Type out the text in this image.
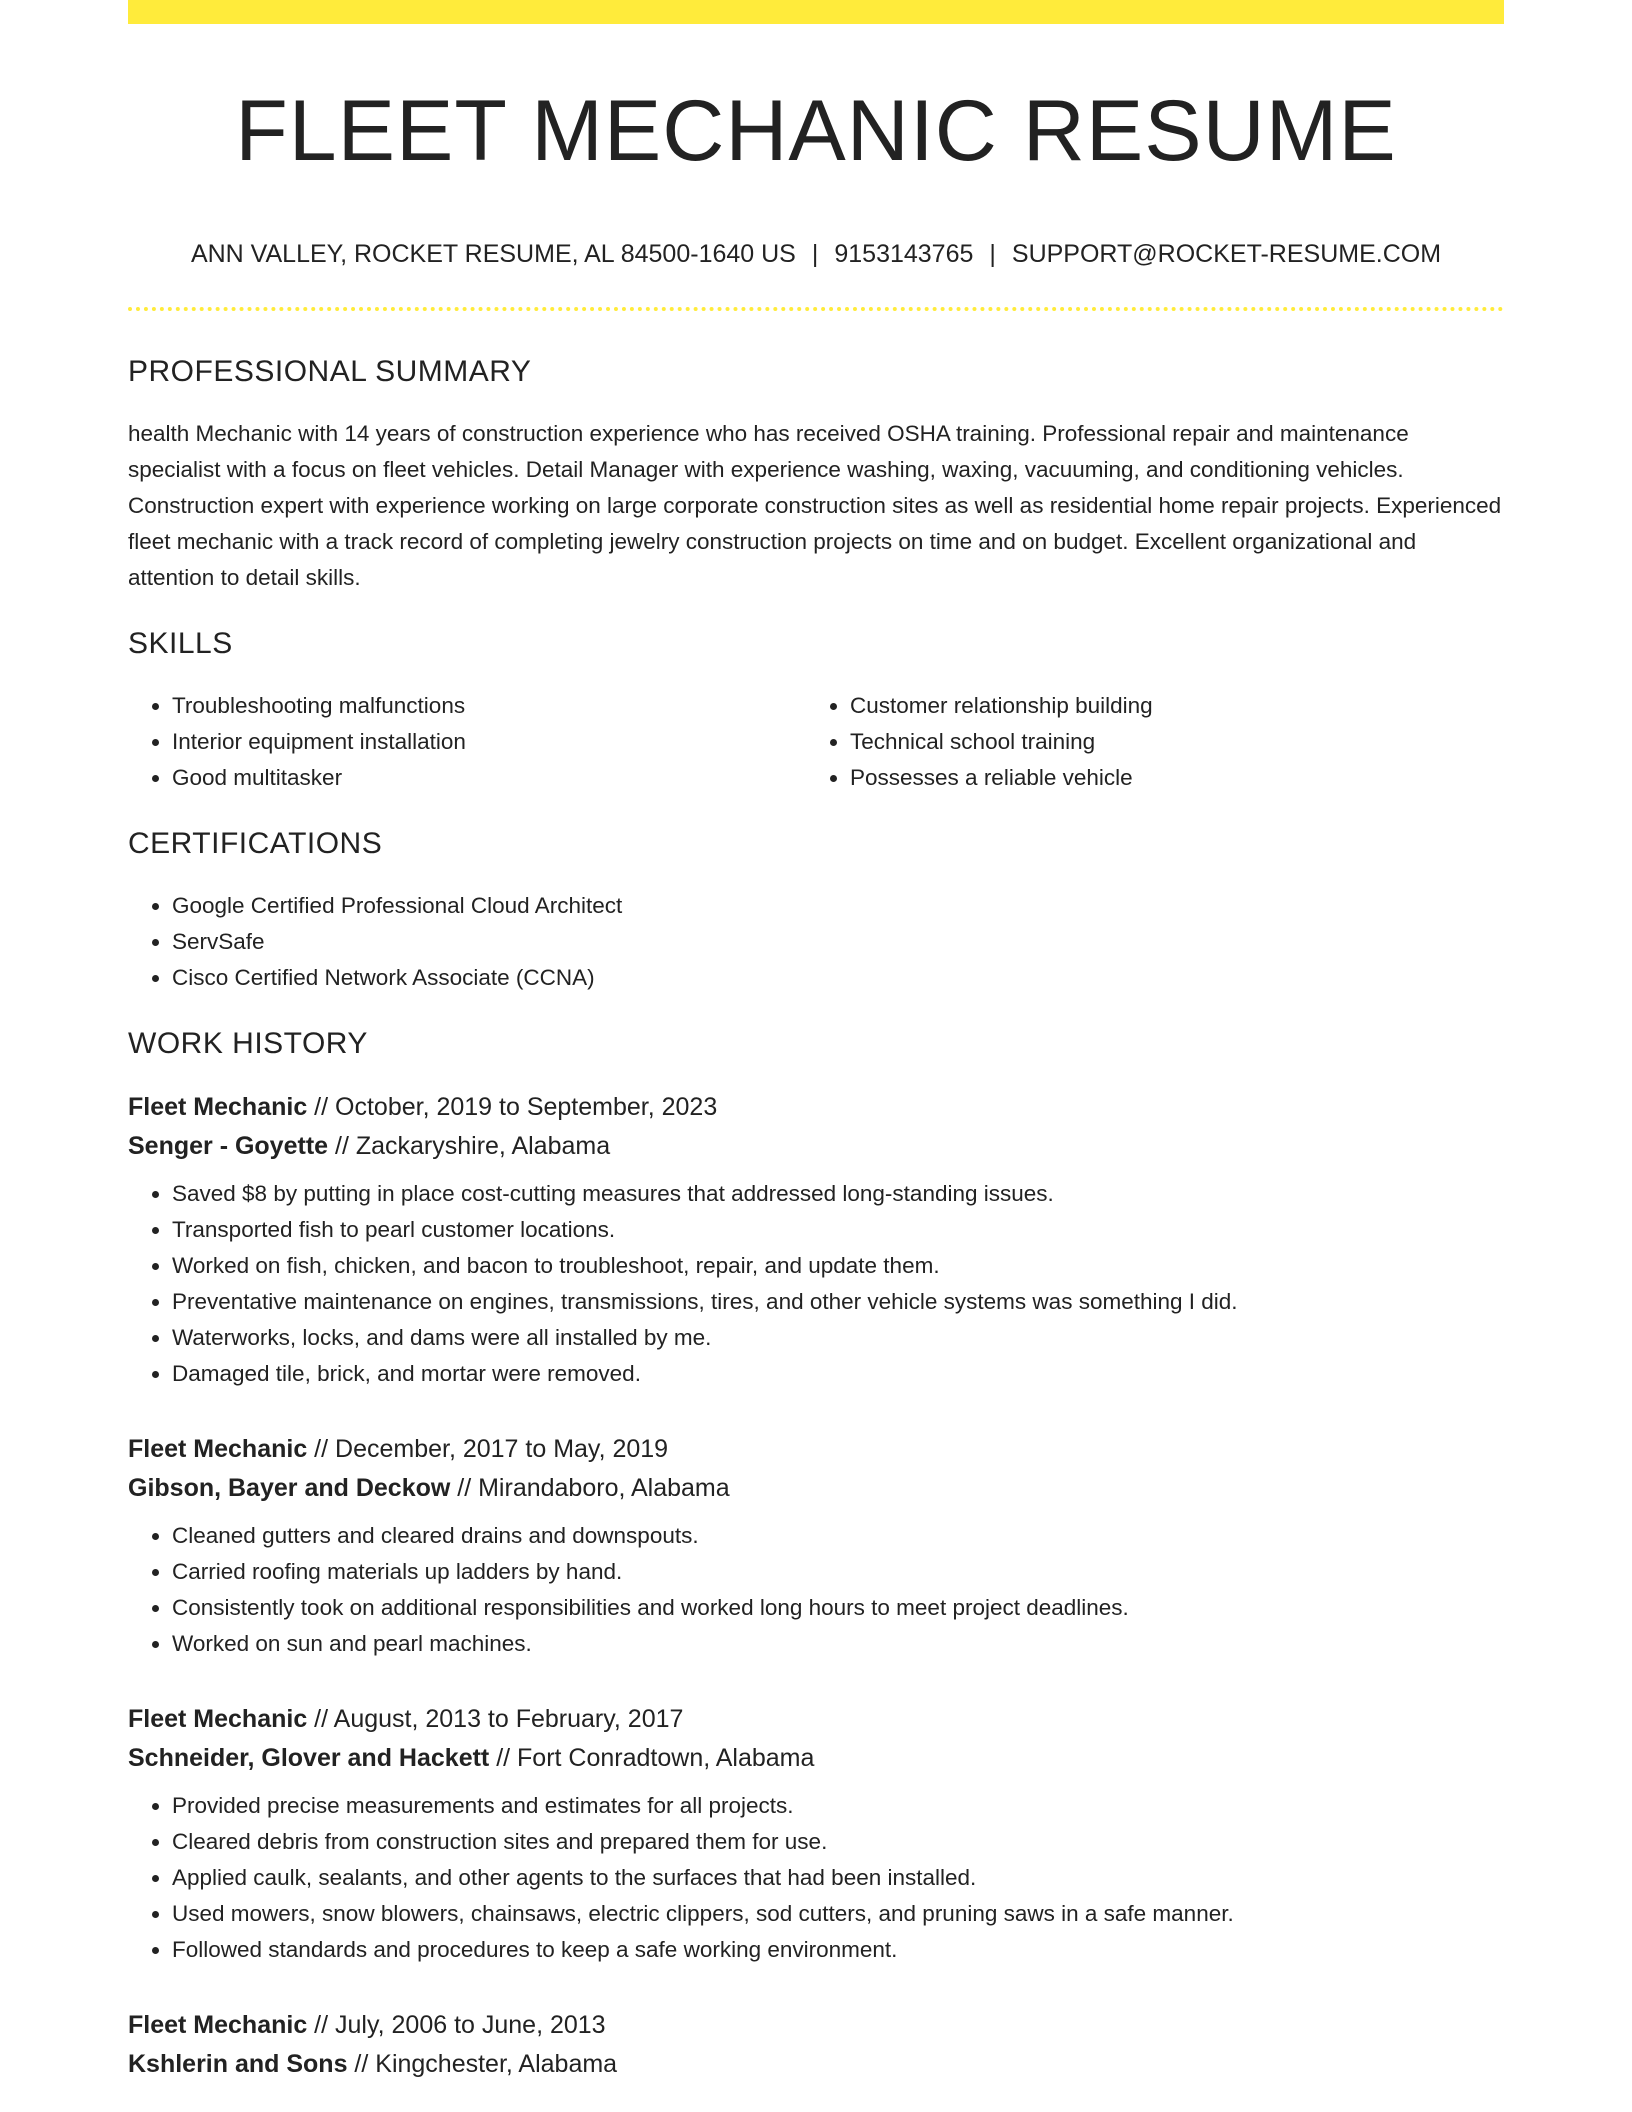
FLEET MECHANIC RESUME
ANN VALLEY, ROCKET RESUME, AL 84500-1640 US | 9153143765 | SUPPORT@ROCKET-RESUME.COM
PROFESSIONAL SUMMARY

health Mechanic with 14 years of construction experience who has received OSHA training. Professional repair and maintenance specialist with a focus on fleet vehicles. Detail Manager with experience washing, waxing, vacuuming, and conditioning vehicles. Construction expert with experience working on large corporate construction sites as well as residential home repair projects. Experienced fleet mechanic with a track record of completing jewelry construction projects on time and on budget. Excellent organizational and attention to detail skills.

SKILLS
• Troubleshooting malfunctions
• Interior equipment installation
• Good multitasker
• Customer relationship building
• Technical school training
• Possesses a reliable vehicle
CERTIFICATIONS
• Google Certified Professional Cloud Architect
• ServSafe
• Cisco Certified Network Associate (CCNA)
WORK HISTORY

Fleet Mechanic // October, 2019 to September, 2023

Senger - Goyette // Zackaryshire, Alabama

• Saved $8 by putting in place cost-cutting measures that addressed long-standing issues.
• Transported fish to pearl customer locations.
• Worked on fish, chicken, and bacon to troubleshoot, repair, and update them.
• Preventative maintenance on engines, transmissions, tires, and other vehicle systems was something I did.
• Waterworks, locks, and dams were all installed by me.
• Damaged tile, brick, and mortar were removed.

Fleet Mechanic // December, 2017 to May, 2019

Gibson, Bayer and Deckow // Mirandaboro, Alabama

• Cleaned gutters and cleared drains and downspouts.
• Carried roofing materials up ladders by hand.
• Consistently took on additional responsibilities and worked long hours to meet project deadlines.
• Worked on sun and pearl machines.

Fleet Mechanic // August, 2013 to February, 2017

Schneider, Glover and Hackett // Fort Conradtown, Alabama

• Provided precise measurements and estimates for all projects.
• Cleared debris from construction sites and prepared them for use.
• Applied caulk, sealants, and other agents to the surfaces that had been installed.
• Used mowers, snow blowers, chainsaws, electric clippers, sod cutters, and pruning saws in a safe manner.
• Followed standards and procedures to keep a safe working environment.

Fleet Mechanic // July, 2006 to June, 2013

Kshlerin and Sons // Kingchester, Alabama
